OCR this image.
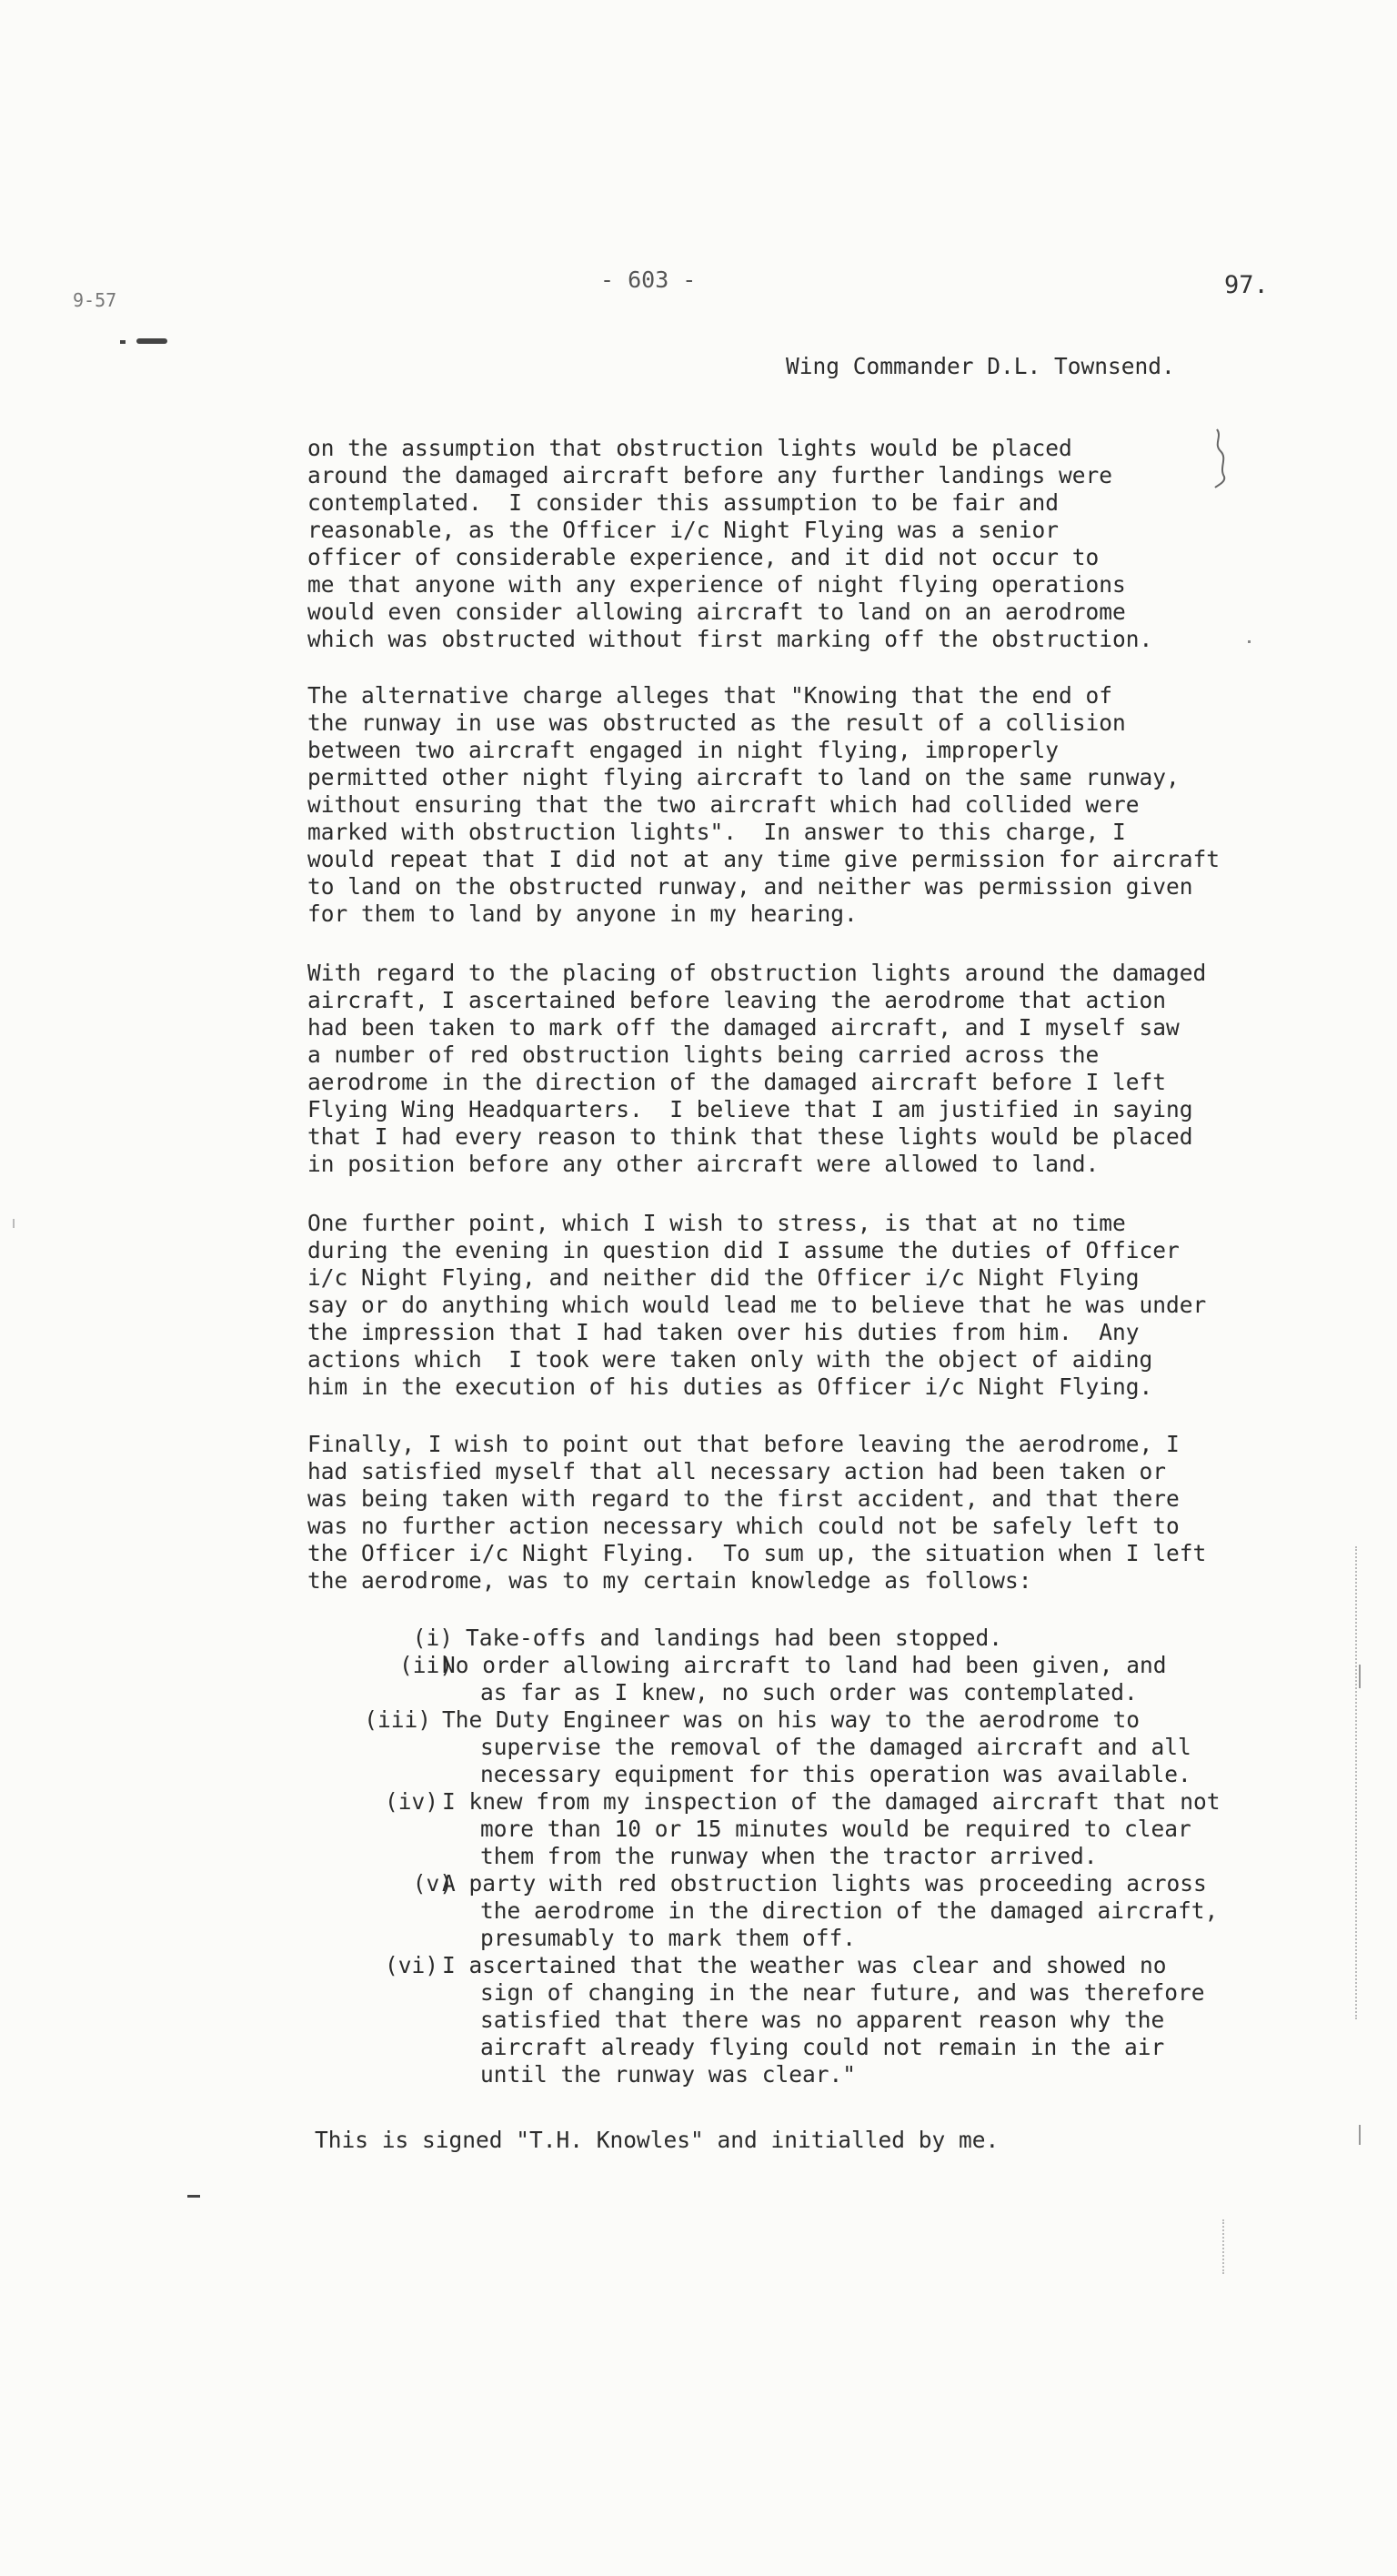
9-57
- 603 -	97.
Wing Commander D.L. Townsend.
on the assumption that obstruction lights would be placed
around the damaged aircraft before any further landings were
contemplated.  I consider this assumption to be fair and
reasonable, as the Officer i/c Night Flying was a senior
officer of considerable experience, and it did not occur to
me that anyone with any experience of night flying operations
would even consider allowing aircraft to land on an aerodrome
which was obstructed without first marking off the obstruction.
The alternative charge alleges that "Knowing that the end of
the runway in use was obstructed as the result of a collision
between two aircraft engaged in night flying, improperly
permitted other night flying aircraft to land on the same runway,
without ensuring that the two aircraft which had collided were
marked with obstruction lights".  In answer to this charge, I
would repeat that I did not at any time give permission for aircraft
to land on the obstructed runway, and neither was permission given
for them to land by anyone in my hearing.
With regard to the placing of obstruction lights around the damaged
aircraft, I ascertained before leaving the aerodrome that action
had been taken to mark off the damaged aircraft, and I myself saw
a number of red obstruction lights being carried across the
aerodrome in the direction of the damaged aircraft before I left
Flying Wing Headquarters.  I believe that I am justified in saying
that I had every reason to think that these lights would be placed
in position before any other aircraft were allowed to land.
One further point, which I wish to stress, is that at no time
during the evening in question did I assume the duties of Officer
i/c Night Flying, and neither did the Officer i/c Night Flying
say or do anything which would lead me to believe that he was under
the impression that I had taken over his duties from him.  Any
actions which  I took were taken only with the object of aiding
him in the execution of his duties as Officer i/c Night Flying.
Finally, I wish to point out that before leaving the aerodrome, I
had satisfied myself that all necessary action had been taken or
was being taken with regard to the first accident, and that there
was no further action necessary which could not be safely left to
the Officer i/c Night Flying.  To sum up, the situation when I left
the aerodrome, was to my certain knowledge as follows:
(i) Take-offs and landings had been stopped.
(ii)
No order allowing aircraft to land had been given, and
as far as I knew, no such order was contemplated.
(iii) The Duty Engineer was on his way to the aerodrome to
supervise the removal of the damaged aircraft and all
necessary equipment for this operation was available.
(iv) I knew from my inspection of the damaged aircraft that not
more than 10 or 15 minutes would be required to clear
them from the runway when the tractor arrived.
(v)
A party with red obstruction lights was proceeding across
the aerodrome in the direction of the damaged aircraft,
presumably to mark them off.
(vi) I ascertained that the weather was clear and showed no
sign of changing in the near future, and was therefore
satisfied that there was no apparent reason why the
aircraft already flying could not remain in the air
until the runway was clear."
This is signed "T.H. Knowles" and initialled by me.
